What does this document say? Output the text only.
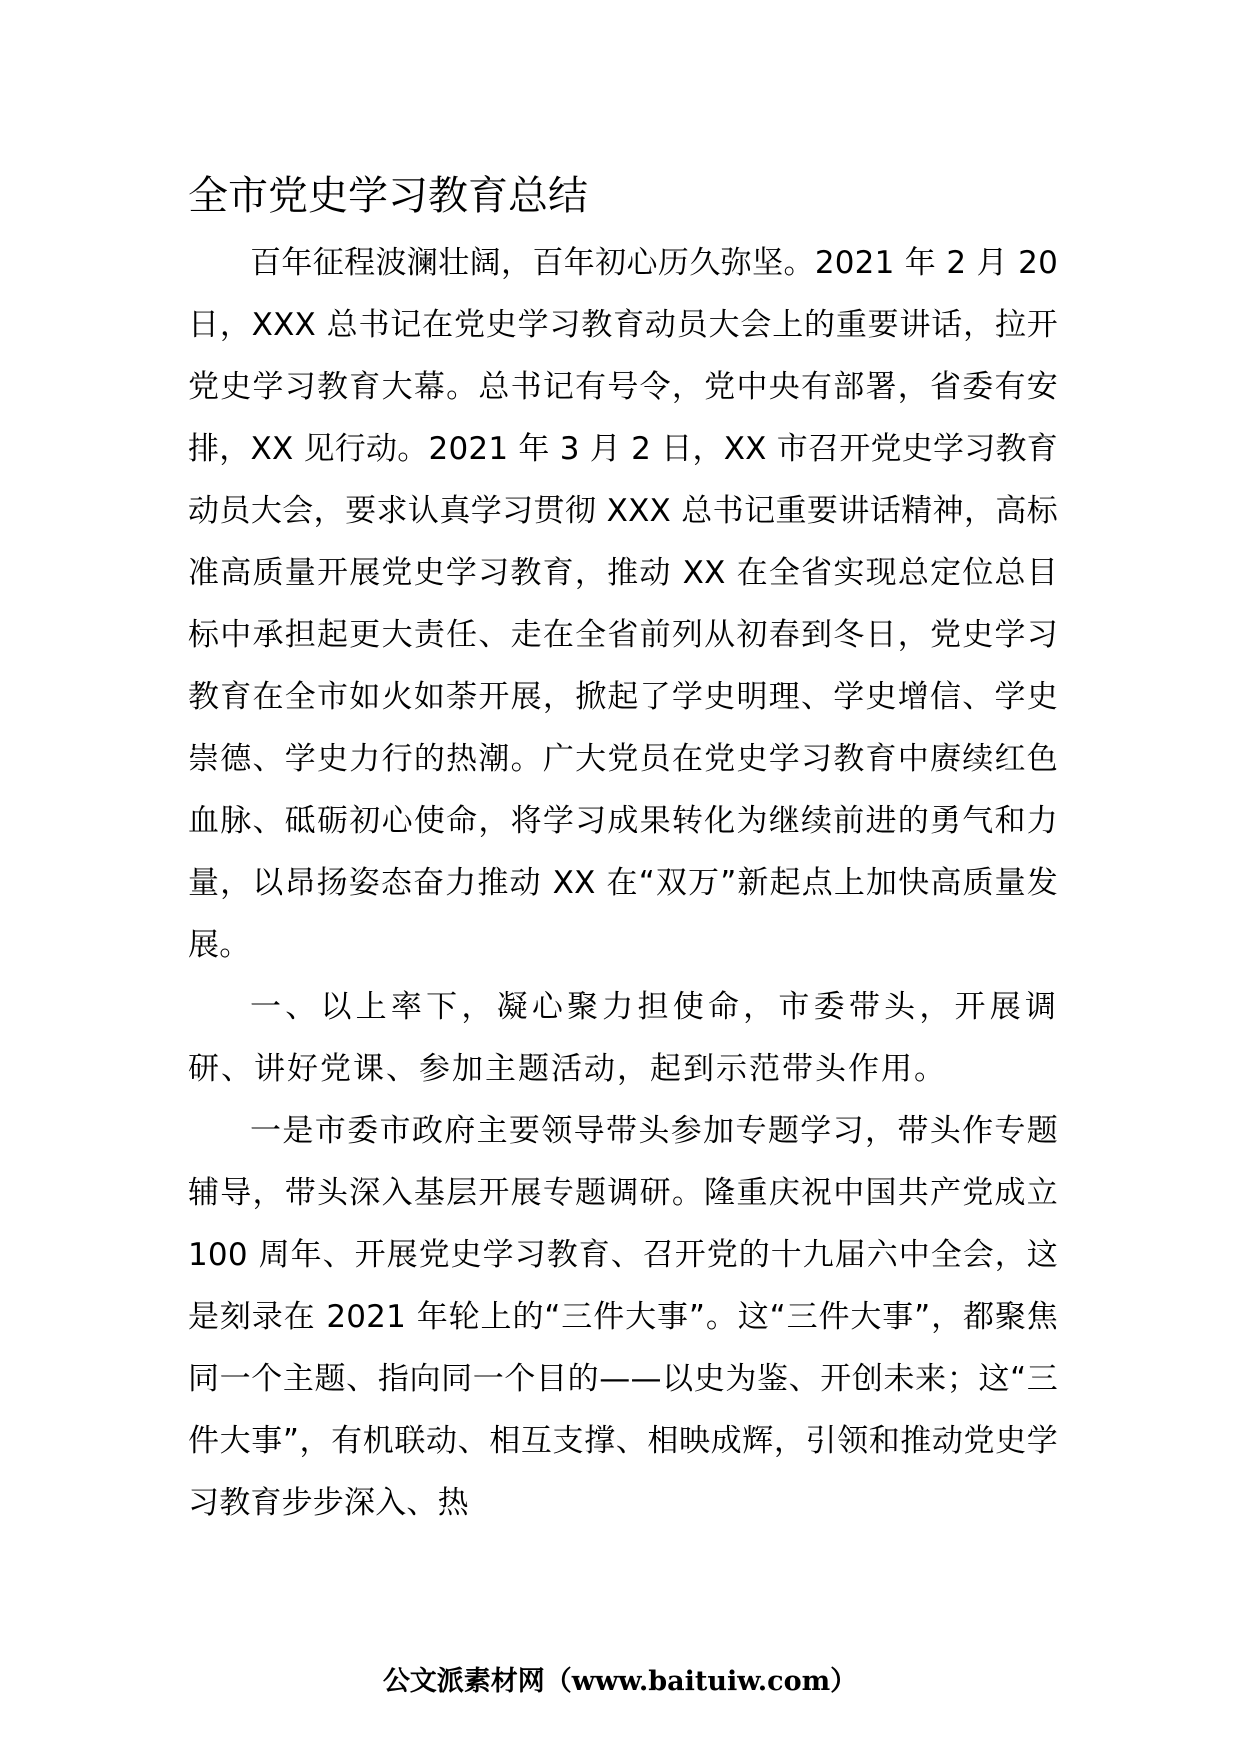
全市党史学习教育总结

百年征程波澜壮阔，百年初心历久弥坚。2021 年 2 月 20 日，XXX 总书记在党史学习教育动员大会上的重要讲话，拉开党史学习教育大幕。总书记有号令，党中央有部署，省委有安排，XX 见行动。2021 年 3 月 2 日，XX 市召开党史学习教育动员大会，要求认真学习贯彻 XXX 总书记重要讲话精神，高标准高质量开展党史学习教育，推动 XX 在全省实现总定位总目标中承担起更大责任、走在全省前列从初春到冬日，党史学习教育在全市如火如荼开展，掀起了学史明理、学史增信、学史崇德、学史力行的热潮。广大党员在党史学习教育中赓续红色血脉、砥砺初心使命，将学习成果转化为继续前进的勇气和力量，以昂扬姿态奋力推动 XX 在“双万”新起点上加快高质量发展。

一、以上率下，凝心聚力担使命，市委带头，开展调研、讲好党课、参加主题活动，起到示范带头作用。

一是市委市政府主要领导带头参加专题学习，带头作专题辅导，带头深入基层开展专题调研。隆重庆祝中国共产党成立 100 周年、开展党史学习教育、召开党的十九届六中全会，这是刻录在 2021 年轮上的“三件大事”。这“三件大事”，都聚焦同一个主题、指向同一个目的——以史为鉴、开创未来；这“三件大事”，有机联动、相互支撑、相映成辉，引领和推动党史学习教育步步深入、热

公文派素材网（www.baituiw.com）
